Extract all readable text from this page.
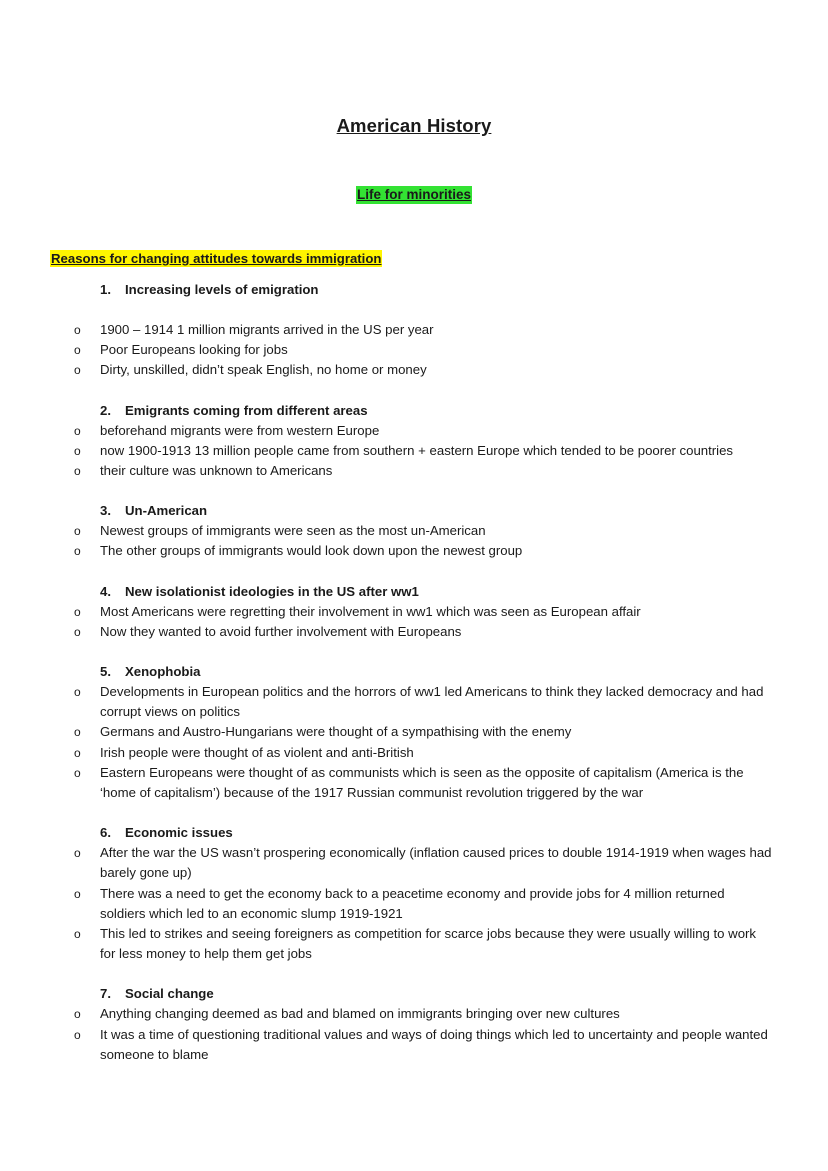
American History
Life for minorities
Reasons for changing attitudes towards immigration
1. Increasing levels of emigration
o 1900 – 1914 1 million migrants arrived in the US per year
o Poor Europeans looking for jobs
o Dirty, unskilled, didn’t speak English, no home or money
2. Emigrants coming from different areas
o beforehand migrants were from western Europe
o now 1900-1913 13 million people came from southern + eastern Europe which tended to be poorer countries
o their culture was unknown to Americans
3. Un-American
o Newest groups of immigrants were seen as the most un-American
o The other groups of immigrants would look down upon the newest group
4. New isolationist ideologies in the US after ww1
o Most Americans were regretting their involvement in ww1 which was seen as European affair
o Now they wanted to avoid further involvement with Europeans
5. Xenophobia
o Developments in European politics and the horrors of ww1 led Americans to think they lacked democracy and had corrupt views on politics
o Germans and Austro-Hungarians were thought of a sympathising with the enemy
o Irish people were thought of as violent and anti-British
o Eastern Europeans were thought of as communists which is seen as the opposite of capitalism (America is the ‘home of capitalism’) because of the 1917 Russian communist revolution triggered by the war
6. Economic issues
o After the war the US wasn’t prospering economically (inflation caused prices to double 1914-1919 when wages had barely gone up)
o There was a need to get the economy back to a peacetime economy and provide jobs for 4 million returned soldiers which led to an economic slump 1919-1921
o This led to strikes and seeing foreigners as competition for scarce jobs because they were usually willing to work for less money to help them get jobs
7. Social change
o Anything changing deemed as bad and blamed on immigrants bringing over new cultures
o It was a time of questioning traditional values and ways of doing things which led to uncertainty and people wanted someone to blame
